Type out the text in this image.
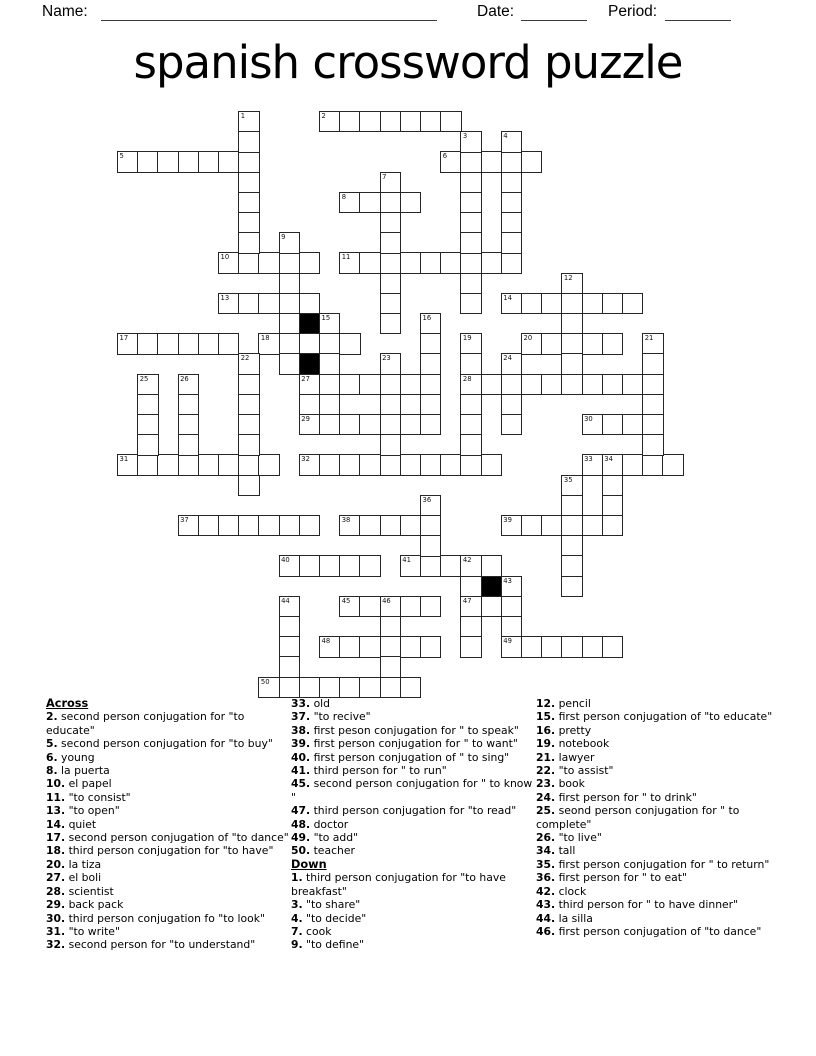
Name:	Date:	Period:
spanish crossword puzzle
2
5	6
8
10	11
13	14
17	18	20
27	28
29	30
31	32	33 34
37	38	39
40	41	42
45	46	47
48	49
50
1
3	4
7
9
12
15	16
19	21
22	23	24
25	26
35
36
43
44
Across
2. second person conjugation for "to educate"
5. second person conjugation for "to buy"
6. young
8. la puerta
10. el papel
11. "to consist"
13. "to open"
14. quiet
17. second person conjugation of "to dance"
18. third person conjugation for "to have"
20. la tiza
27. el boli
28. scientist
29. back pack
30. third person conjugation fo "to look"
31. "to write"
32. second person for "to understand"
33. old
37. "to recive"
38. first peson conjugation for " to speak"
39. first person conjugation for " to want"
40. first person conjugation of " to sing"
41. third person for " to run"
45. second person conjugation for " to know "
47. third person conjugation for "to read"
48. doctor
49. "to add"
50. teacher
Down
1. third person conjugation for "to have breakfast"
3. "to share"
4. "to decide"
7. cook
9. "to define"
12. pencil
15. first person conjugation of "to educate"
16. pretty
19. notebook
21. lawyer
22. "to assist"
23. book
24. first person for " to drink"
25. seond person conjugation for " to complete"
26. "to live"
34. tall
35. first person conjugation for " to return"
36. first person for " to eat"
42. clock
43. third person for " to have dinner"
44. la silla
46. first person conjugation of "to dance"
